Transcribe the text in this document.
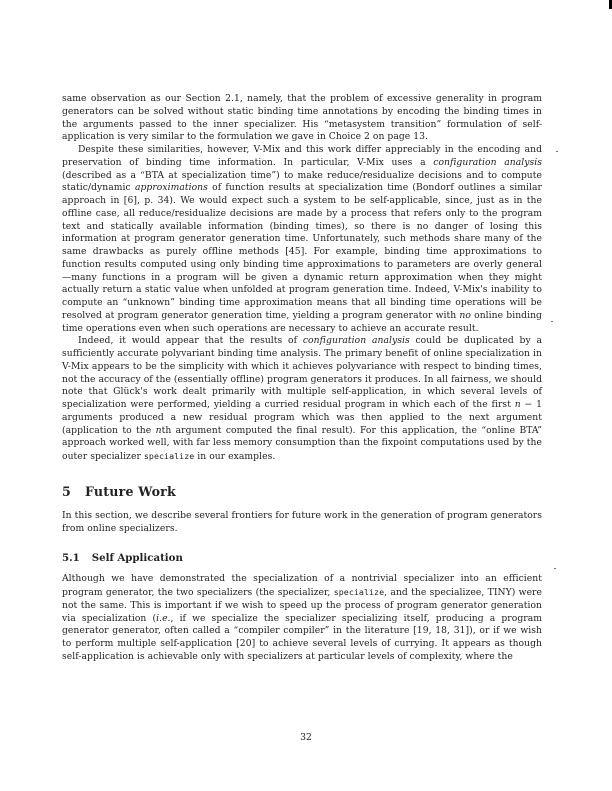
same observation as our Section 2.1, namely, that the problem of excessive generality in program generators can be solved without static binding time annotations by encoding the binding times in the arguments passed to the inner specializer. His “metasystem transition” formulation of self-application is very similar to the formulation we gave in Choice 2 on page 13.

Despite these similarities, however, V-Mix and this work differ appreciably in the encoding and preservation of binding time information. In particular, V-Mix uses a configuration analysis (described as a “BTA at specialization time”) to make reduce/residualize decisions and to compute static/dynamic approximations of function results at specialization time (Bondorf outlines a similar approach in [6], p. 34). We would expect such a system to be self-applicable, since, just as in the offline case, all reduce/residualize decisions are made by a process that refers only to the program text and statically available information (binding times), so there is no danger of losing this information at program generator generation time. Unfortunately, such methods share many of the same drawbacks as purely offline methods [45]. For example, binding time approximations to function results computed using only binding time approximations to parameters are overly general—many functions in a program will be given a dynamic return approximation when they might actually return a static value when unfolded at program generation time. Indeed, V-Mix's inability to compute an “unknown” binding time approximation means that all binding time operations will be resolved at program generator generation time, yielding a program generator with no online binding time operations even when such operations are necessary to achieve an accurate result.

Indeed, it would appear that the results of configuration analysis could be duplicated by a sufficiently accurate polyvariant binding time analysis. The primary benefit of online specialization in V-Mix appears to be the simplicity with which it achieves polyvariance with respect to binding times, not the accuracy of the (essentially offline) program generators it produces. In all fairness, we should note that Glück's work dealt primarily with multiple self-application, in which several levels of specialization were performed, yielding a curried residual program in which each of the first n − 1 arguments produced a new residual program which was then applied to the next argument (application to the nth argument computed the final result). For this application, the “online BTA” approach worked well, with far less memory consumption than the fixpoint computations used by the outer specializer specialize in our examples.

5 Future Work

In this section, we describe several frontiers for future work in the generation of program generators from online specializers.

5.1 Self Application

Although we have demonstrated the specialization of a nontrivial specializer into an efficient program generator, the two specializers (the specializer, specialize, and the specializee, TINY) were not the same. This is important if we wish to speed up the process of program generator generation via specialization (i.e., if we specialize the specializer specializing itself, producing a program generator generator, often called a “compiler compiler” in the literature [19, 18, 31]), or if we wish to perform multiple self-application [20] to achieve several levels of currying. It appears as though self-application is achievable only with specializers at particular levels of complexity, where the

32
